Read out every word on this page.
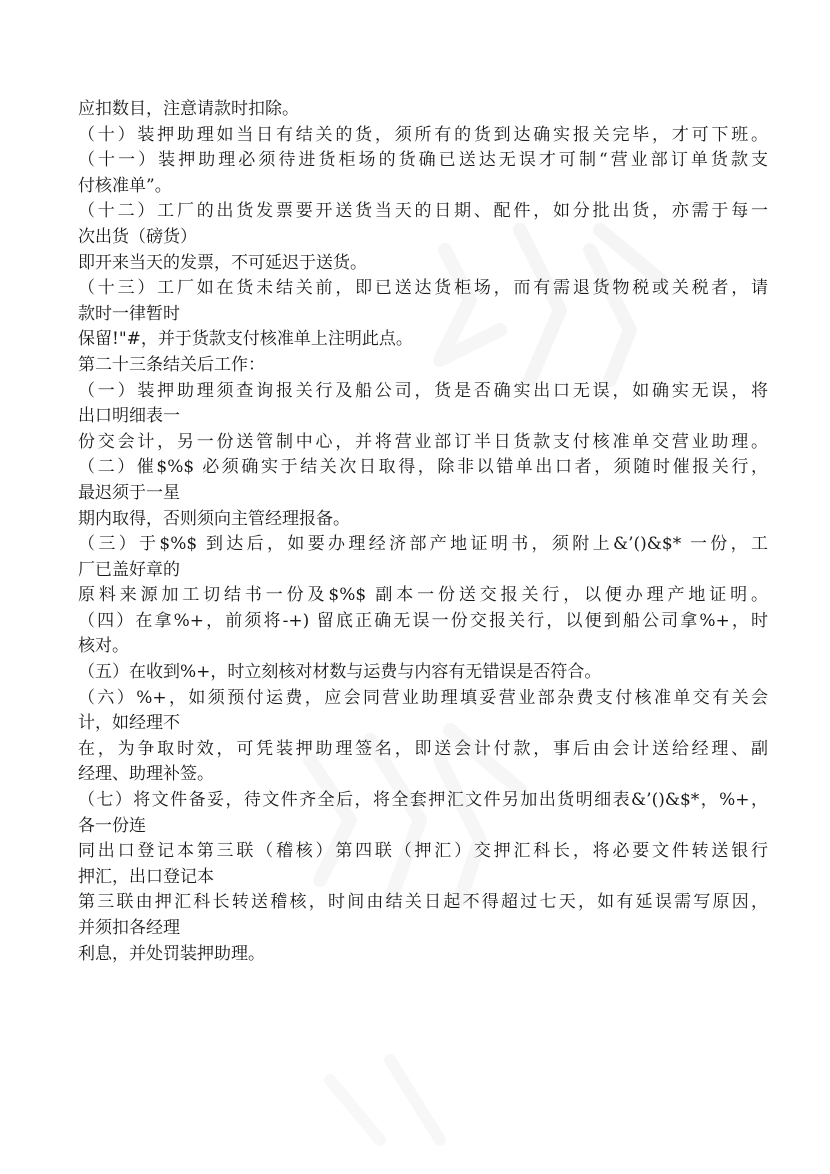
应扣数目，注意请款时扣除。
（十）装押助理如当日有结关的货，须所有的货到达确实报关完毕，才可下班。
（十一）装押助理必须待进货柜场的货确已送达无误才可制“营业部订单货款支
付核准单”。
（十二）工厂的出货发票要开送货当天的日期、配件，如分批出货，亦需于每一
次出货（磅货）
即开来当天的发票，不可延迟于送货。
（十三）工厂如在货未结关前，即已送达货柜场，而有需退货物税或关税者，请
款时一律暂时
保留!"#，并于货款支付核准单上注明此点。
第二十三条结关后工作：
（一）装押助理须查询报关行及船公司，货是否确实出口无误，如确实无误，将
出口明细表一
份交会计，另一份送管制中心，并将营业部订半日货款支付核准单交营业助理。
（二）催$%$ 必须确实于结关次日取得，除非以错单出口者，须随时催报关行，
最迟须于一星
期内取得，否则须向主管经理报备。
（三）于$%$ 到达后，如要办理经济部产地证明书，须附上&’()&$* 一份，工
厂已盖好章的
原料来源加工切结书一份及$%$ 副本一份送交报关行，以便办理产地证明。
（四）在拿%+，前须将-+) 留底正确无误一份交报关行，以便到船公司拿%+，时
核对。
（五）在收到%+，时立刻核对材数与运费与内容有无错误是否符合。
（六）%+，如须预付运费，应会同营业助理填妥营业部杂费支付核准单交有关会
计，如经理不
在，为争取时效，可凭装押助理签名，即送会计付款，事后由会计送给经理、副
经理、助理补签。
（七）将文件备妥，待文件齐全后，将全套押汇文件另加出货明细表&’()&$*，%+，
各一份连
同出口登记本第三联（稽核）第四联（押汇）交押汇科长，将必要文件转送银行
押汇，出口登记本
第三联由押汇科长转送稽核，时间由结关日起不得超过七天，如有延误需写原因，
并须扣各经理
利息，并处罚装押助理。
